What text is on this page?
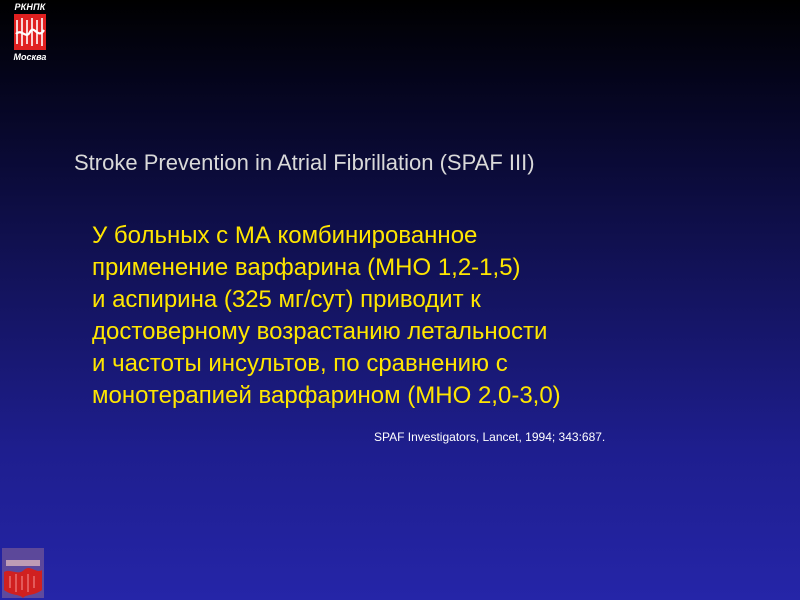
РКНПК
Москва
Stroke Prevention in Atrial Fibrillation (SPAF III)
У больных с МА комбинированное
применение варфарина (МНО 1,2-1,5)
и аспирина (325 мг/сут) приводит к
достоверному возрастанию летальности
и частоты инсультов, по сравнению с
монотерапией варфарином (МНО 2,0-3,0)
SPAF Investigators, Lancet, 1994; 343:687.
